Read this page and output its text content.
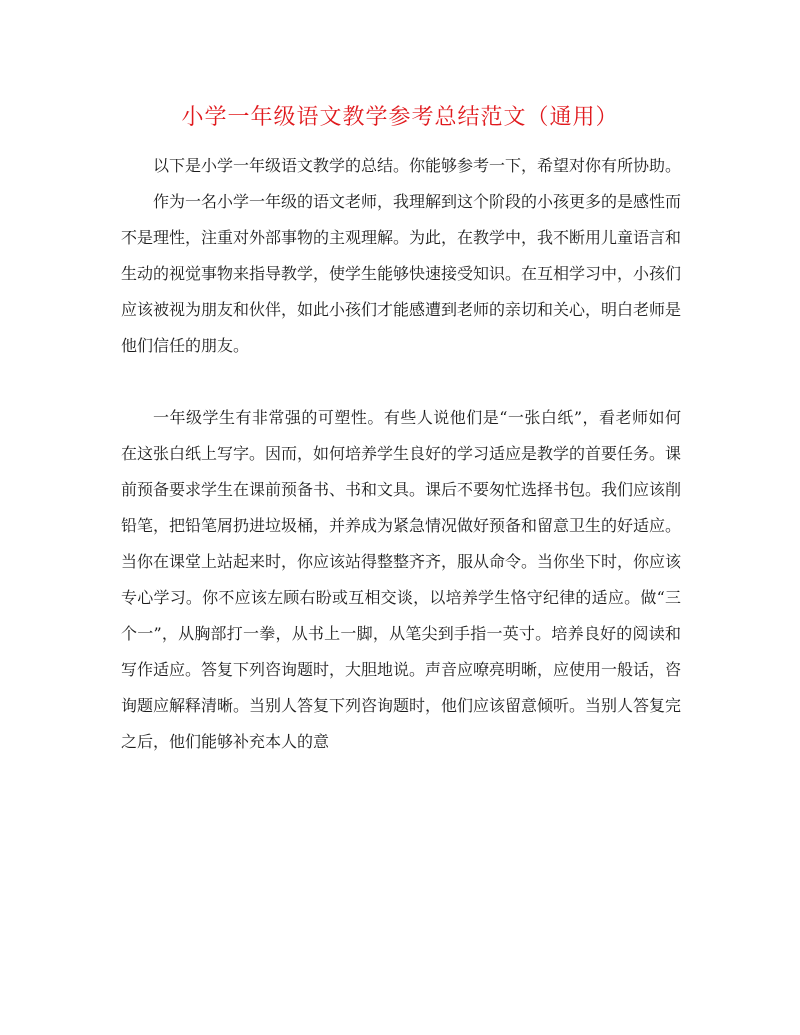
小学一年级语文教学参考总结范文（通用）

以下是小学一年级语文教学的总结。你能够参考一下，希望对你有所协助。

作为一名小学一年级的语文老师，我理解到这个阶段的小孩更多的是感性而不是理性，注重对外部事物的主观理解。为此，在教学中，我不断用儿童语言和生动的视觉事物来指导教学，使学生能够快速接受知识。在互相学习中，小孩们应该被视为朋友和伙伴，如此小孩们才能感遭到老师的亲切和关心，明白老师是他们信任的朋友。

一年级学生有非常强的可塑性。有些人说他们是“一张白纸”，看老师如何在这张白纸上写字。因而，如何培养学生良好的学习适应是教学的首要任务。课前预备要求学生在课前预备书、书和文具。课后不要匆忙选择书包。我们应该削铅笔，把铅笔屑扔进垃圾桶，并养成为紧急情况做好预备和留意卫生的好适应。当你在课堂上站起来时，你应该站得整整齐齐，服从命令。当你坐下时，你应该专心学习。你不应该左顾右盼或互相交谈，以培养学生恪守纪律的适应。做“三个一”，从胸部打一拳，从书上一脚，从笔尖到手指一英寸。培养良好的阅读和写作适应。答复下列咨询题时，大胆地说。声音应嘹亮明晰，应使用一般话，咨询题应解释清晰。当别人答复下列咨询题时，他们应该留意倾听。当别人答复完之后，他们能够补充本人的意
